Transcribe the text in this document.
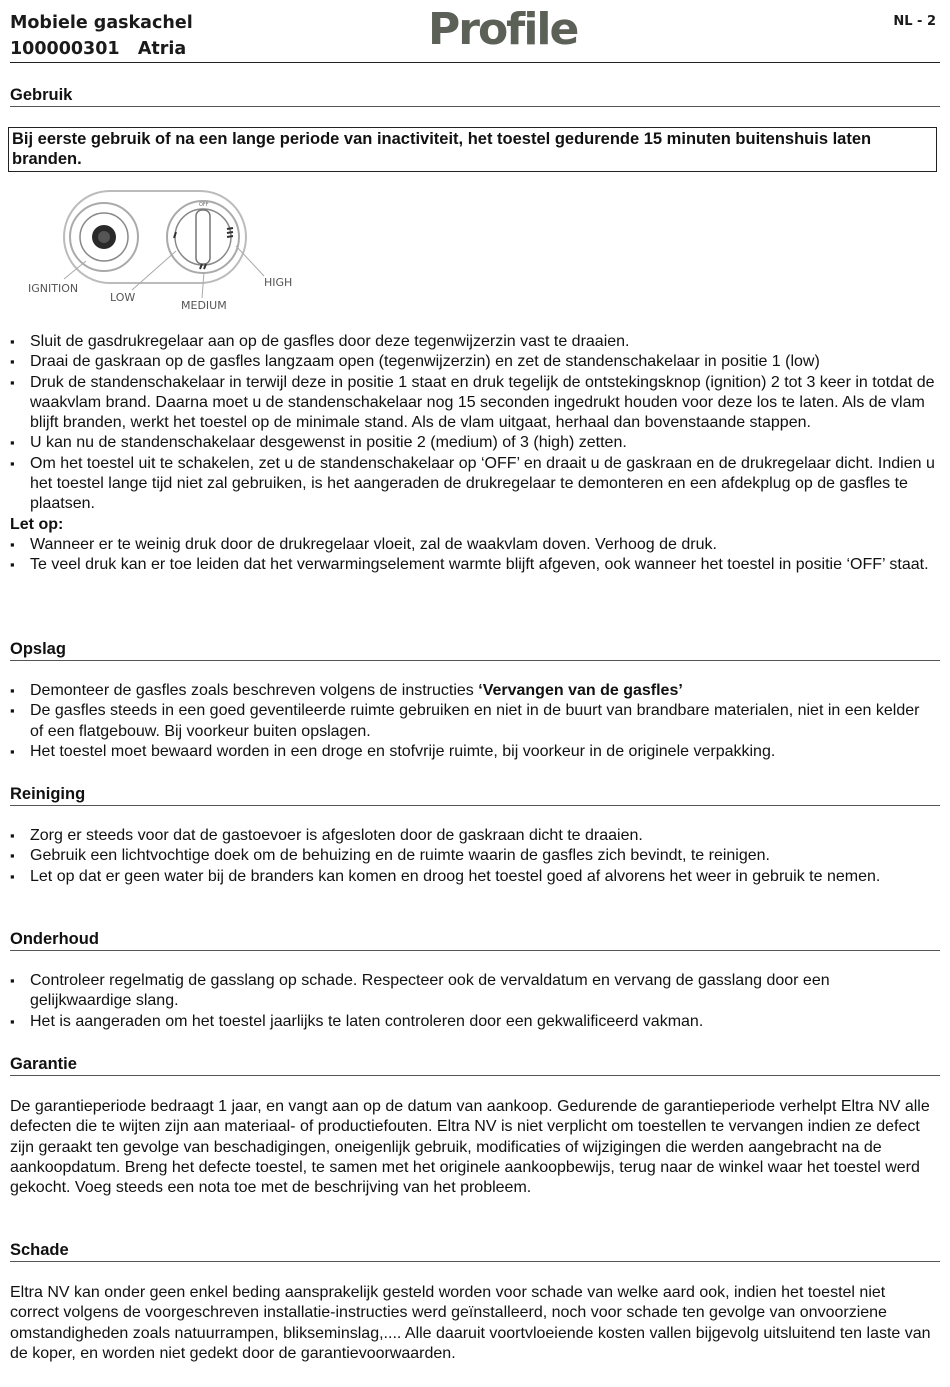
Mobiele gaskachel
100000301   Atria	Profile	NL - 2
Gebruik
Bij eerste gebruik of na een lange periode van inactiviteit, het toestel gedurende 15 minuten buitenshuis laten branden.
OFF
IGNITION
LOW
MEDIUM
HIGH
▪ Sluit de gasdrukregelaar aan op de gasfles door deze tegenwijzerzin vast te draaien.
▪ Draai de gaskraan op de gasfles langzaam open (tegenwijzerzin) en zet de standenschakelaar in positie 1 (low)
▪ Druk de standenschakelaar in terwijl deze in positie 1 staat en druk tegelijk de ontstekingsknop (ignition) 2 tot 3 keer in totdat de waakvlam brand. Daarna moet u de standenschakelaar nog 15 seconden ingedrukt houden voor deze los te laten. Als de vlam blijft branden, werkt het toestel op de minimale stand. Als de vlam uitgaat, herhaal dan bovenstaande stappen.
▪ U kan nu de standenschakelaar desgewenst in positie 2 (medium) of 3 (high) zetten.
▪ Om het toestel uit te schakelen, zet u de standenschakelaar op ‘OFF’ en draait u de gaskraan en de drukregelaar dicht. Indien u het toestel lange tijd niet zal gebruiken, is het aangeraden de drukregelaar te demonteren en een afdekplug op de gasfles te plaatsen.
Let op:
▪ Wanneer er te weinig druk door de drukregelaar vloeit, zal de waakvlam doven. Verhoog de druk.
▪ Te veel druk kan er toe leiden dat het verwarmingselement warmte blijft afgeven, ook wanneer het toestel in positie ‘OFF’ staat.
Opslag
▪ Demonteer de gasfles zoals beschreven volgens de instructies ‘Vervangen van de gasfles’
▪ De gasfles steeds in een goed geventileerde ruimte gebruiken en niet in de buurt van brandbare materialen, niet in een kelder of een flatgebouw. Bij voorkeur buiten opslagen.
▪ Het toestel moet bewaard worden in een droge en stofvrije ruimte, bij voorkeur in de originele verpakking.
Reiniging
▪ Zorg er steeds voor dat de gastoevoer is afgesloten door de gaskraan dicht te draaien.
▪ Gebruik een lichtvochtige doek om de behuizing en de ruimte waarin de gasfles zich bevindt, te reinigen.
▪ Let op dat er geen water bij de branders kan komen en droog het toestel goed af alvorens het weer in gebruik te nemen.
Onderhoud
▪ Controleer regelmatig de gasslang op schade. Respecteer ook de vervaldatum en vervang de gasslang door een gelijkwaardige slang.
▪ Het is aangeraden om het toestel jaarlijks te laten controleren door een gekwalificeerd vakman.
Garantie

De garantieperiode bedraagt 1 jaar, en vangt aan op de datum van aankoop. Gedurende de garantieperiode verhelpt Eltra NV alle defecten die te wijten zijn aan materiaal- of productiefouten. Eltra NV is niet verplicht om toestellen te vervangen indien ze defect zijn geraakt ten gevolge van beschadigingen, oneigenlijk gebruik, modificaties of wijzigingen die werden aangebracht na de aankoopdatum. Breng het defecte toestel, te samen met het originele aankoopbewijs, terug naar de winkel waar het toestel werd gekocht. Voeg steeds een nota toe met de beschrijving van het probleem.

Schade

Eltra NV kan onder geen enkel beding aansprakelijk gesteld worden voor schade van welke aard ook, indien het toestel niet correct volgens de voorgeschreven installatie-instructies werd geïnstalleerd, noch voor schade ten gevolge van onvoorziene omstandigheden zoals natuurrampen, blikseminslag,.... Alle daaruit voortvloeiende kosten vallen bijgevolg uitsluitend ten laste van de koper, en worden niet gedekt door de garantievoorwaarden.
